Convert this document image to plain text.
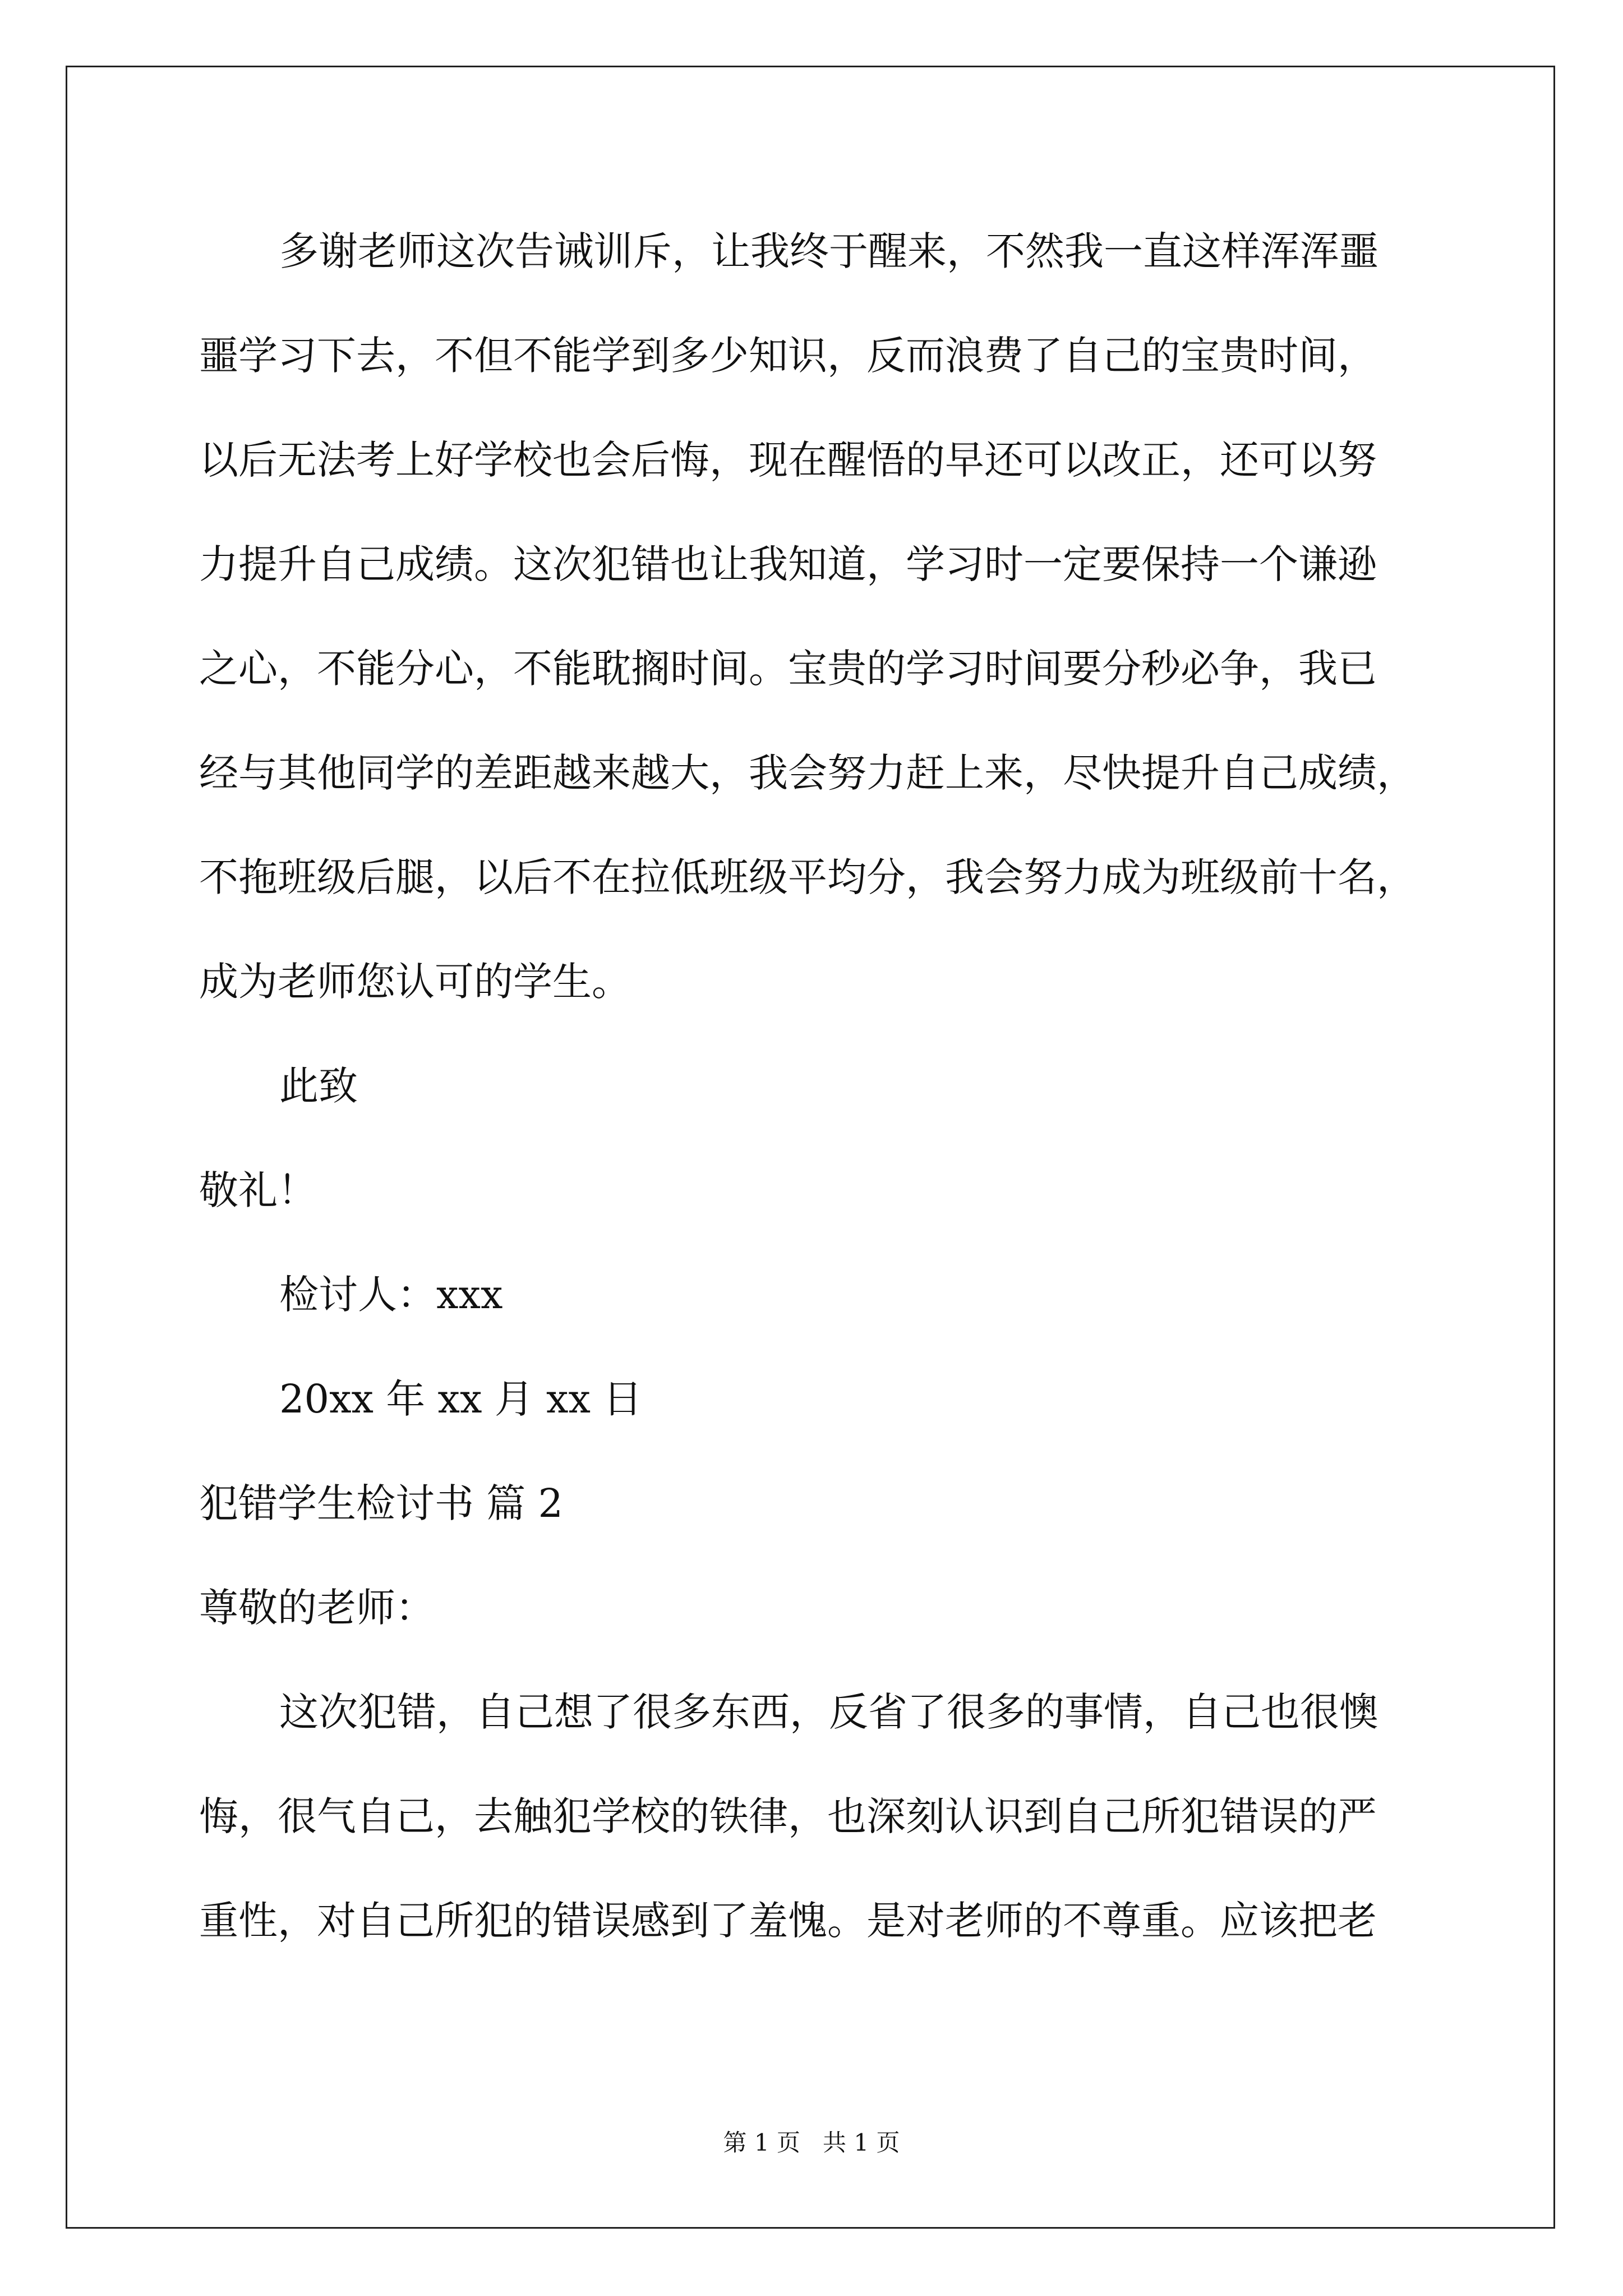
多谢老师这次告诫训斥，让我终于醒来，不然我一直这样浑浑噩

噩学习下去，不但不能学到多少知识，反而浪费了自己的宝贵时间，

以后无法考上好学校也会后悔，现在醒悟的早还可以改正，还可以努

力提升自己成绩。这次犯错也让我知道，学习时一定要保持一个谦逊

之心，不能分心，不能耽搁时间。宝贵的学习时间要分秒必争，我已

经与其他同学的差距越来越大，我会努力赶上来，尽快提升自己成绩，

不拖班级后腿，以后不在拉低班级平均分，我会努力成为班级前十名，

成为老师您认可的学生。

此致

敬礼！

检讨人：xxx

20xx 年 xx 月 xx 日

犯错学生检讨书 篇 2

尊敬的老师：

这次犯错，自己想了很多东西，反省了很多的事情，自己也很懊

悔，很气自己，去触犯学校的铁律，也深刻认识到自己所犯错误的严

重性，对自己所犯的错误感到了羞愧。是对老师的不尊重。应该把老

第 1 页   共 1 页
